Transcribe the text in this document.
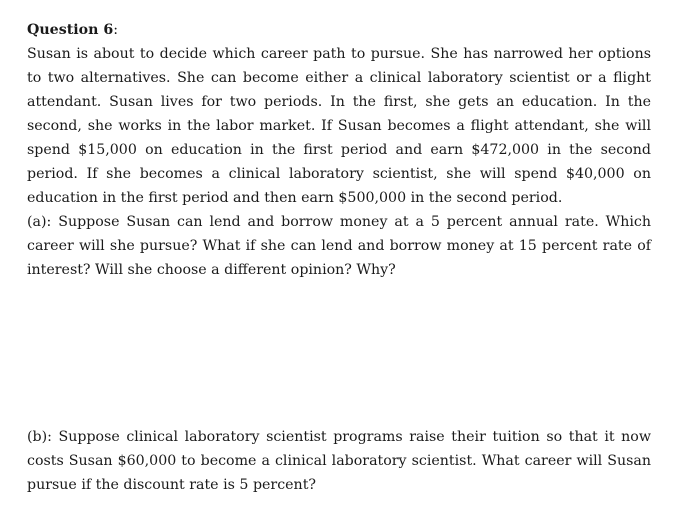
Question 6:

Susan is about to decide which career path to pursue. She has narrowed her options to two alternatives. She can become either a clinical laboratory scientist or a flight attendant. Susan lives for two periods. In the first, she gets an education. In the second, she works in the labor market. If Susan becomes a flight attendant, she will spend $15,000 on education in the first period and earn $472,000 in the second period. If she becomes a clinical laboratory scientist, she will spend $40,000 on education in the first period and then earn $500,000 in the second period.

(a): Suppose Susan can lend and borrow money at a 5 percent annual rate. Which career will she pursue? What if she can lend and borrow money at 15 percent rate of interest? Will she choose a different opinion? Why?

(b): Suppose clinical laboratory scientist programs raise their tuition so that it now costs Susan $60,000 to become a clinical laboratory scientist. What career will Susan pursue if the discount rate is 5 percent?
